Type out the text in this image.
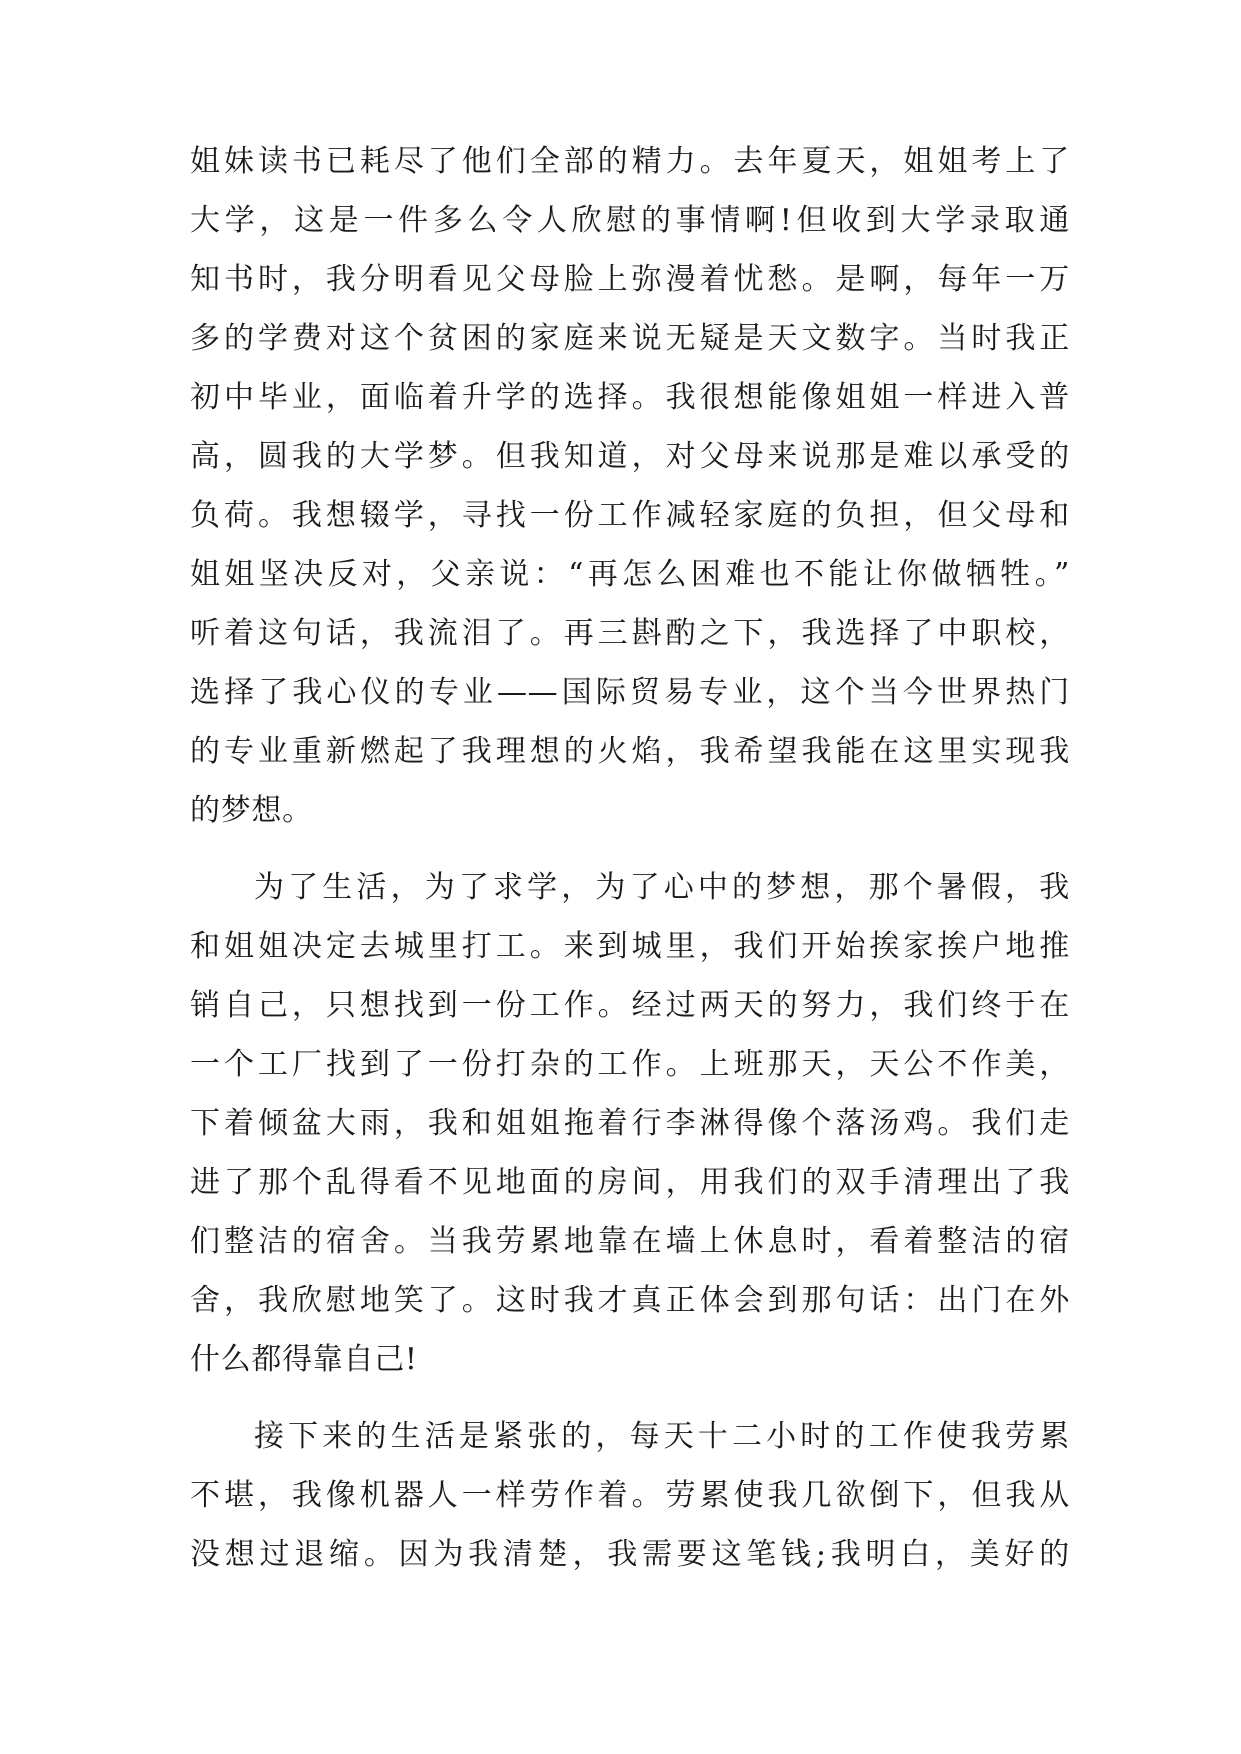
姐妹读书已耗尽了他们全部的精力。去年夏天，姐姐考上了
大学，这是一件多么令人欣慰的事情啊!但收到大学录取通
知书时，我分明看见父母脸上弥漫着忧愁。是啊，每年一万
多的学费对这个贫困的家庭来说无疑是天文数字。当时我正
初中毕业，面临着升学的选择。我很想能像姐姐一样进入普
高，圆我的大学梦。但我知道，对父母来说那是难以承受的
负荷。我想辍学，寻找一份工作减轻家庭的负担，但父母和
姐姐坚决反对，父亲说：“再怎么困难也不能让你做牺牲。”
听着这句话，我流泪了。再三斟酌之下，我选择了中职校，
选择了我心仪的专业——国际贸易专业，这个当今世界热门
的专业重新燃起了我理想的火焰，我希望我能在这里实现我
的梦想。
为了生活，为了求学，为了心中的梦想，那个暑假，我
和姐姐决定去城里打工。来到城里，我们开始挨家挨户地推
销自己，只想找到一份工作。经过两天的努力，我们终于在
一个工厂找到了一份打杂的工作。上班那天，天公不作美，
下着倾盆大雨，我和姐姐拖着行李淋得像个落汤鸡。我们走
进了那个乱得看不见地面的房间，用我们的双手清理出了我
们整洁的宿舍。当我劳累地靠在墙上休息时，看着整洁的宿
舍，我欣慰地笑了。这时我才真正体会到那句话：出门在外
什么都得靠自己!
接下来的生活是紧张的，每天十二小时的工作使我劳累
不堪，我像机器人一样劳作着。劳累使我几欲倒下，但我从
没想过退缩。因为我清楚，我需要这笔钱;我明白，美好的
